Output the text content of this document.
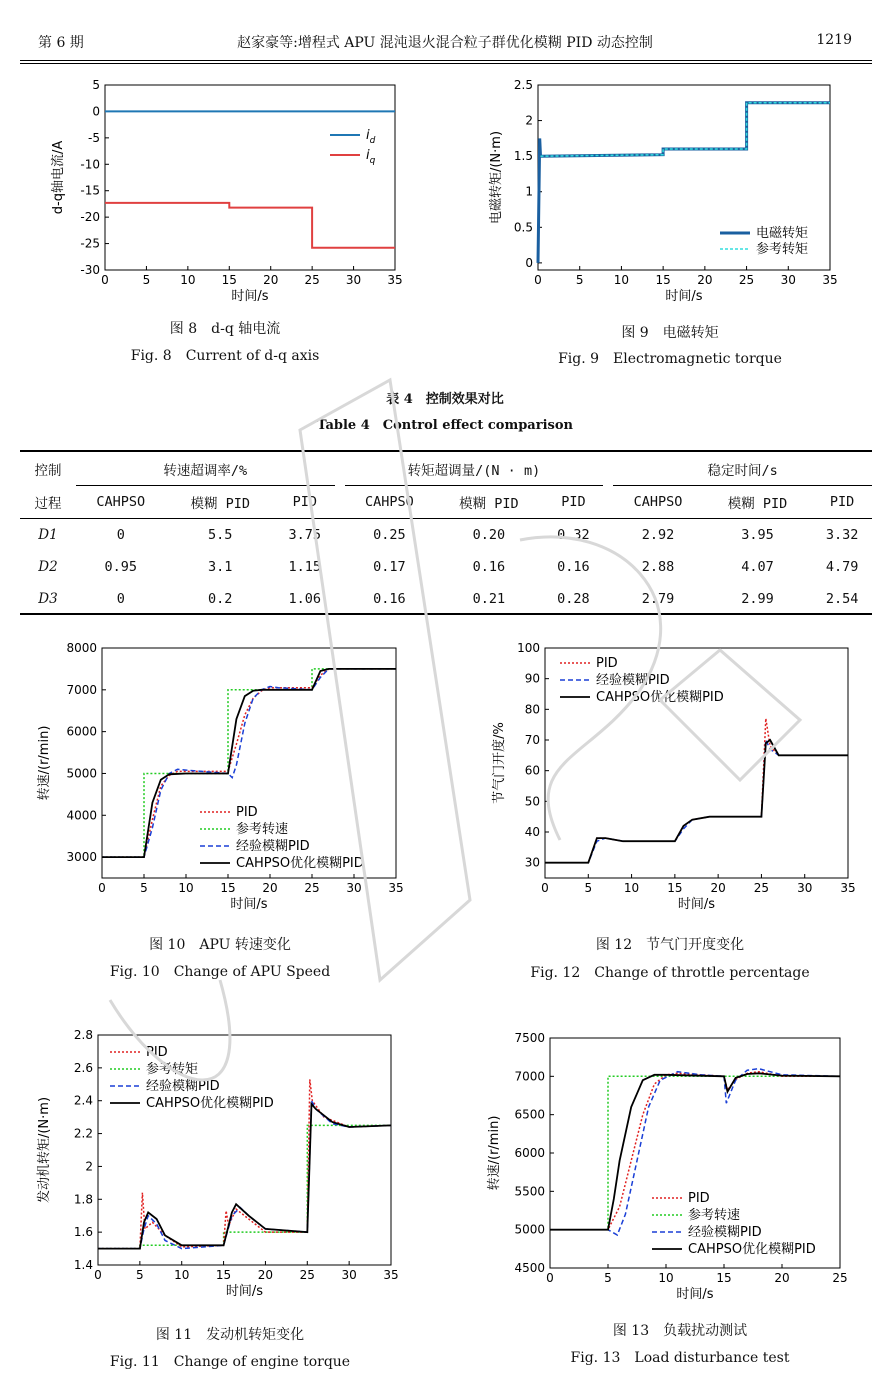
第 6 期	赵家豪等:增程式 APU 混沌退火混合粒子群优化模糊 PID 动态控制	1219
0	5 10 15 20 25 30 35
5
0
-5
-10
-15
-20
-25
-30
时间/s
d-q轴电流/A
$i_d$
$i_q$
0	5	10 15 20 25 30 35
0
0.5
1
1.5
2
2.5
时间/s
电磁转矩/(N·m)
电磁转矩
参考转矩
图 8　d-q 轴电流
Fig. 8　Current of d-q axis
图 9　电磁转矩
Fig. 9　Electromagnetic torque
表 4　控制效果对比
Table 4　Control effect comparison
控制	转速超调率/%				转矩超调量/(N · m)				稳定时间/s		
过程	CAHPSO	模糊 PID	PID		CAHPSO	模糊 PID	PID		CAHPSO	模糊 PID	PID
D1	0	5.5	3.75		0.25	0.20	0.32		2.92	3.95	3.32
D2	0.95	3.1	1.15		0.17	0.16	0.16		2.88	4.07	4.79
D3	0	0.2	1.06		0.16	0.21	0.28		2.79	2.99	2.54
0	5	10 15 20 25 30 35
3000
4000
5000
6000
7000
8000
时间/s
转速/(r/min)
PID
参考转速
经验模糊PID
CAHPSO优化模糊PID
0	5	10 15 20 25 30 35
30
40
50
60
70
80
90
100
时间/s
节气门开度/%
PID
经验模糊PID
CAHPSO优化模糊PID
图 10　APU 转速变化
Fig. 10　Change of APU Speed
图 12　节气门开度变化
Fig. 12　Change of throttle percentage
0	5	10 15 20 25 30 35
1.4
1.6
1.8
2
2.2
2.4
2.6
2.8
时间/s
发动机转矩/(N·m)
PID
参考转矩
经验模糊PID
CAHPSO优化模糊PID
0	5	10	15	20	25
4500
5000
5500
6000
6500
7000
7500
时间/s
转速/(r/min)
PID
参考转速
经验模糊PID
CAHPSO优化模糊PID
图 11　发动机转矩变化
Fig. 11　Change of engine torque
图 13　负载扰动测试
Fig. 13　Load disturbance test
